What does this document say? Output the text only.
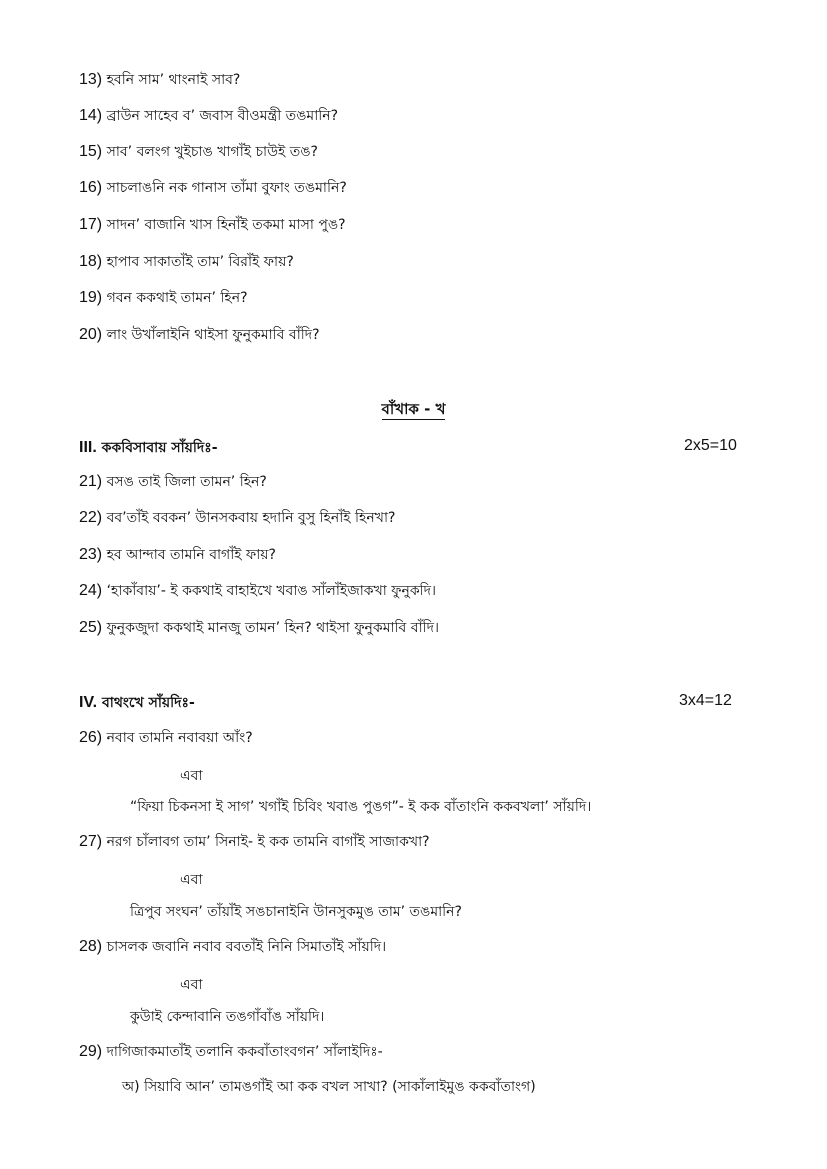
13) হবনি সাম’ থাংনাই সাব?
14) ব্রাউন সাহেব ব’ জবাস বীওমন্ত্রী তঙমানি?
15) সাব’ বলংগ খুইচাঙ খাগাঁই চাউই তঙ?
16) সাচলাঙনি নক গানাস তাঁমা বুফাং তঙমানি?
17) সাদন’ বাজানি খাস হিনাঁই তকমা মাসা পুঙ?
18) হাপাব সাকাতাঁই তাম’ বিরাঁই ফায়?
19) গবন ককথাই তামন’ হিন?
20) লাং উখাঁলাইনি থাইসা ফুনুকমাবি বাঁদি?
বাঁখাক - খ
III. ককবিসাবায় সাঁয়দিঃ-	2x5=10
21) বসঙ তাই জিলা তামন’ হিন?
22) বব’তাঁই ববকন’ উানসকবায় হদানি বুসু হিনাঁই হিনখা?
23) হব আন্দাব তামনি বাগাঁই ফায়?
24) ‘হাকাঁবায়’- ই ককথাই বাহাইখে খবাঙ সাঁলাঁইজাকখা ফুনুকদি।
25) ফুনুকজুদা ককথাই মানজু তামন’ হিন? থাইসা ফুনুকমাবি বাঁদি।
IV. বাথংখে সাঁয়দিঃ-	3x4=12
26) নবাব তামনি নবাবয়া আঁং?
এবা
“ফিয়া চিকনসা ই সাগ’ খগাঁই চিবিং খবাঙ পুঙগ”- ই কক বাঁতাংনি ককবখলা’ সাঁয়দি।
27) নরগ চাঁলাবগ তাম’ সিনাই- ই কক তামনি বাগাঁই সাজাকখা?
এবা
ত্রিপুব সংঘন’ তাঁয়াঁই সঙচানাইনি উানসুকমুঙ তাম’ তঙমানি?
28) চাসলক জবানি নবাব ববতাঁই নিনি সিমাতাঁই সাঁয়দি।
এবা
কুউাই কেন্দাবানি তঙগাঁবাঁঙ সাঁয়দি।
29) দাগিজাকমাতাঁই তলানি ককবাঁতাংবগন’ সাঁলাইদিঃ-
অ) সিয়াবি আন’ তামঙগাঁই আ কক বখল সাখা? (সাকাঁলাইমুঙ ককবাঁতাংগ)
